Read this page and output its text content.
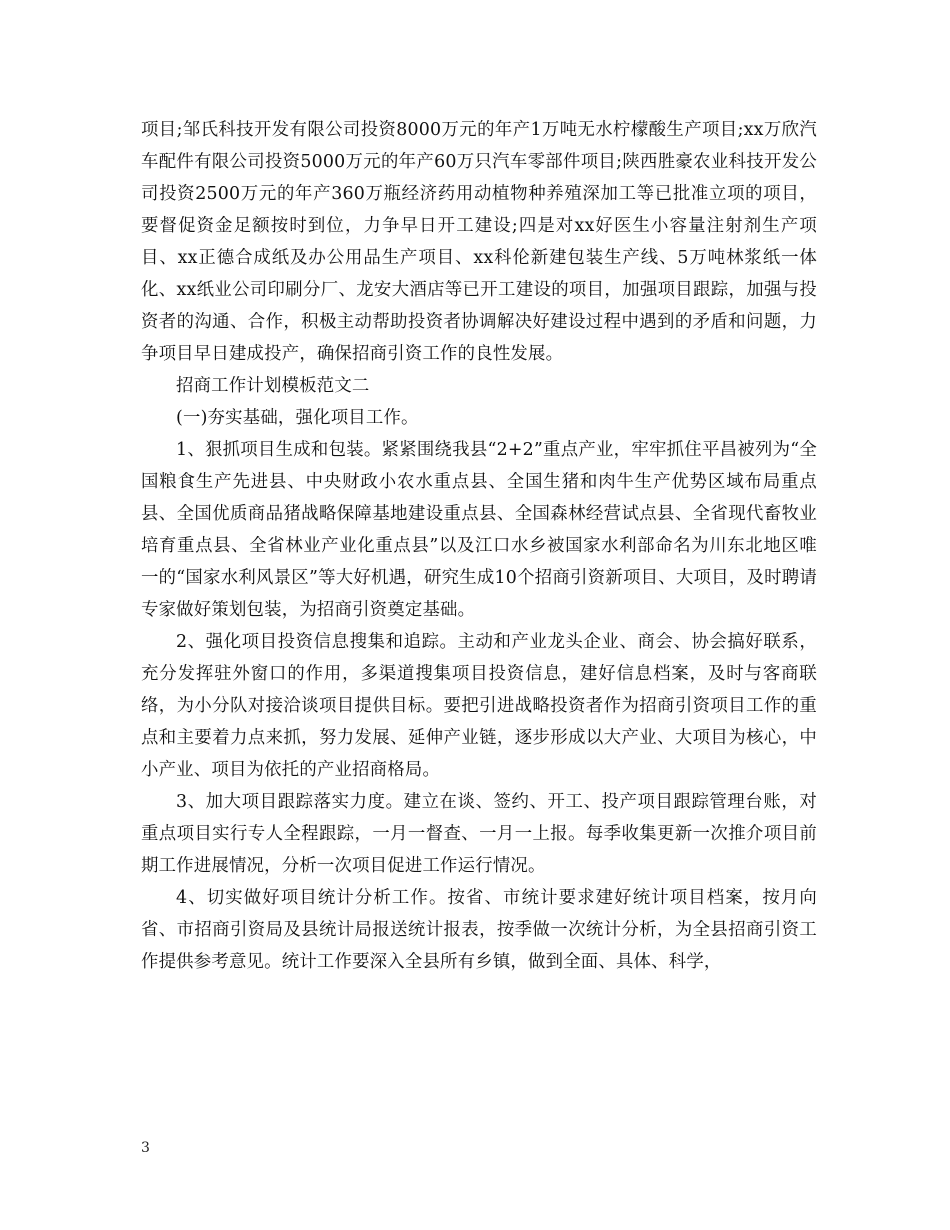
项目;邹氏科技开发有限公司投资8000万元的年产1万吨无水柠檬酸生产项目;xx万欣汽车配件有限公司投资5000万元的年产60万只汽车零部件项目;陕西胜豪农业科技开发公司投资2500万元的年产360万瓶经济药用动植物种养殖深加工等已批准立项的项目，要督促资金足额按时到位，力争早日开工建设;四是对xx好医生小容量注射剂生产项目、xx正德合成纸及办公用品生产项目、xx科伦新建包装生产线、5万吨林浆纸一体化、xx纸业公司印刷分厂、龙安大酒店等已开工建设的项目，加强项目跟踪，加强与投资者的沟通、合作，积极主动帮助投资者协调解决好建设过程中遇到的矛盾和问题，力争项目早日建成投产，确保招商引资工作的良性发展。

招商工作计划模板范文二

(一)夯实基础，强化项目工作。

1、狠抓项目生成和包装。紧紧围绕我县“2+2”重点产业，牢牢抓住平昌被列为“全国粮食生产先进县、中央财政小农水重点县、全国生猪和肉牛生产优势区域布局重点县、全国优质商品猪战略保障基地建设重点县、全国森林经营试点县、全省现代畜牧业培育重点县、全省林业产业化重点县”以及江口水乡被国家水利部命名为川东北地区唯一的“国家水利风景区”等大好机遇，研究生成10个招商引资新项目、大项目，及时聘请专家做好策划包装，为招商引资奠定基础。

2、强化项目投资信息搜集和追踪。主动和产业龙头企业、商会、协会搞好联系，充分发挥驻外窗口的作用，多渠道搜集项目投资信息，建好信息档案，及时与客商联络，为小分队对接洽谈项目提供目标。要把引进战略投资者作为招商引资项目工作的重点和主要着力点来抓，努力发展、延伸产业链，逐步形成以大产业、大项目为核心，中小产业、项目为依托的产业招商格局。

3、加大项目跟踪落实力度。建立在谈、签约、开工、投产项目跟踪管理台账，对重点项目实行专人全程跟踪，一月一督查、一月一上报。每季收集更新一次推介项目前期工作进展情况，分析一次项目促进工作运行情况。

4、切实做好项目统计分析工作。按省、市统计要求建好统计项目档案，按月向省、市招商引资局及县统计局报送统计报表，按季做一次统计分析，为全县招商引资工作提供参考意见。统计工作要深入全县所有乡镇，做到全面、具体、科学，

3
